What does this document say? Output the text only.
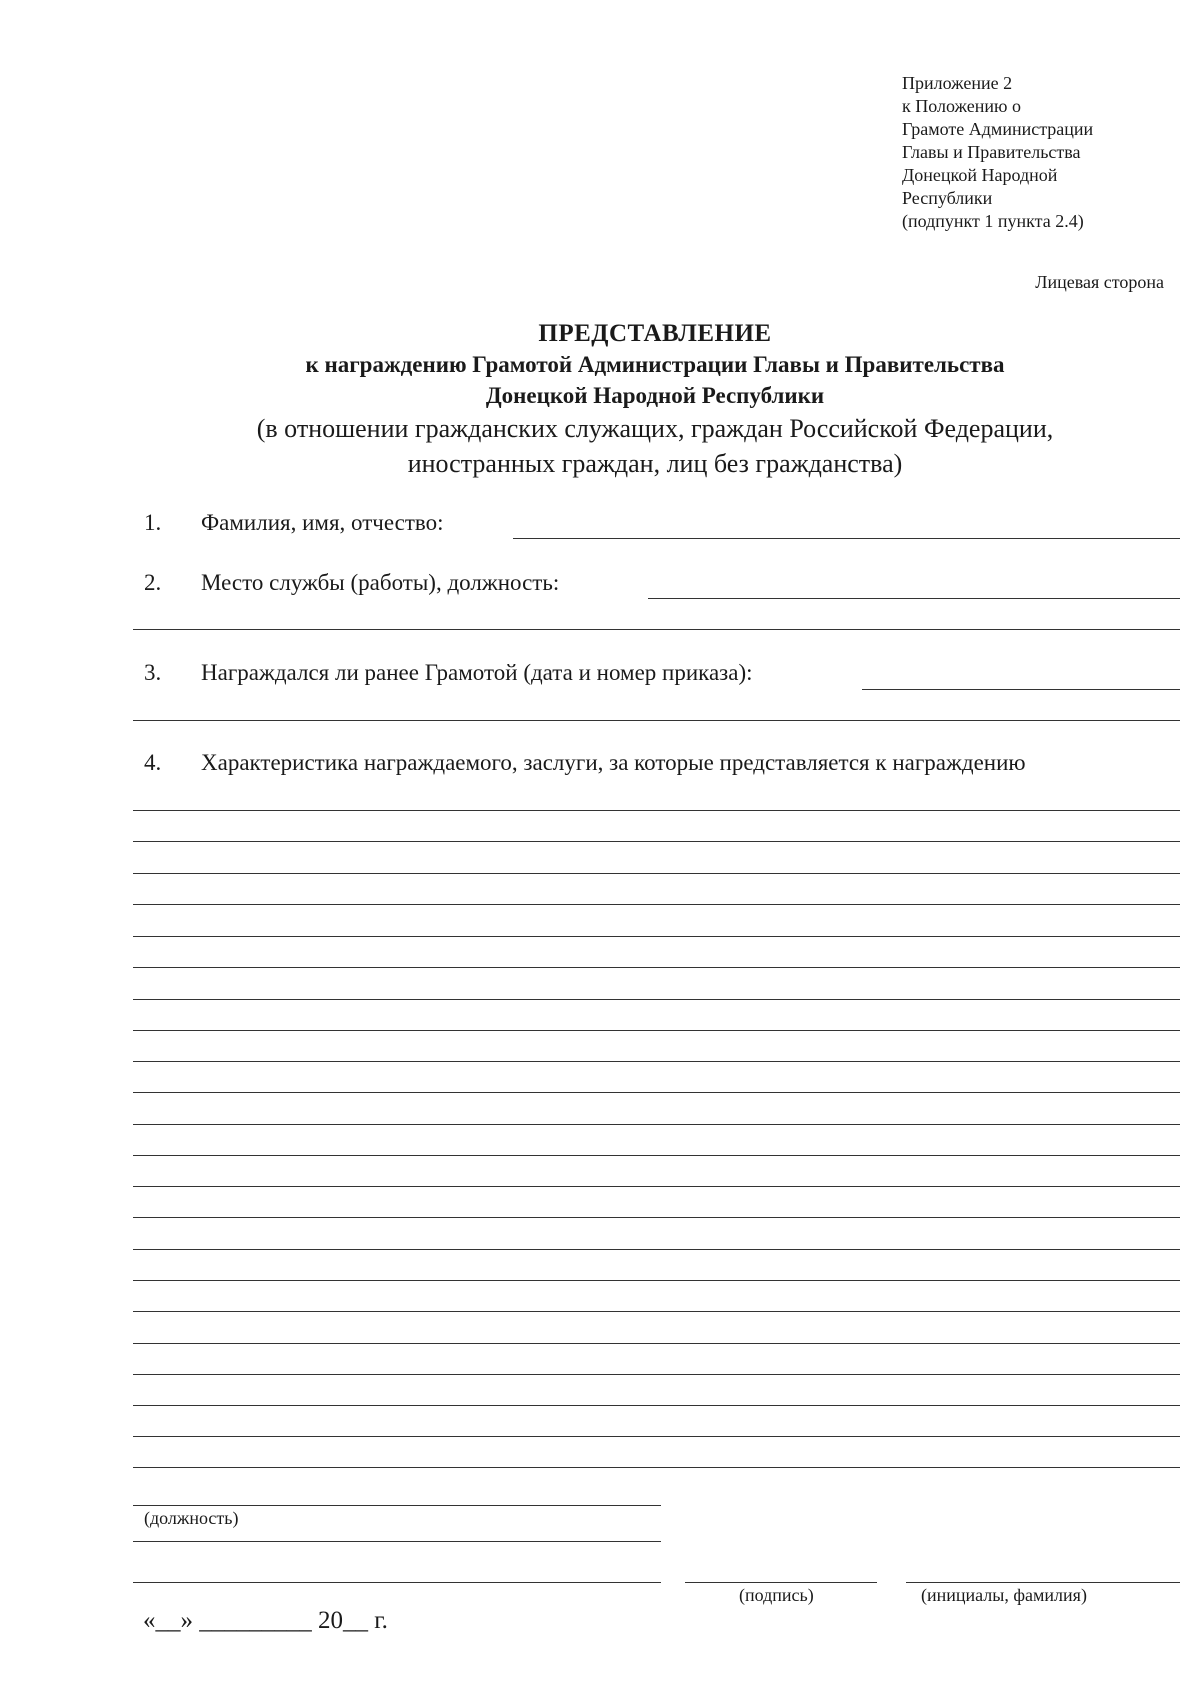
Приложение 2
к Положению о
Грамоте Администрации
Главы и Правительства
Донецкой Народной
Республики
(подпункт 1 пункта 2.4)
Лицевая сторона
ПРЕДСТАВЛЕНИЕ
к награждению Грамотой Администрации Главы и Правительства
Донецкой Народной Республики
(в отношении гражданских служащих, граждан Российской Федерации,
иностранных граждан, лиц без гражданства)
1. Фамилия, имя, отчество:
2. Место службы (работы), должность:
3. Награждался ли ранее Грамотой (дата и номер приказа):
4. Характеристика награждаемого, заслуги, за которые представляется к награждению
(должность)
(подпись)	(инициалы, фамилия)
«__» _________ 20__ г.
